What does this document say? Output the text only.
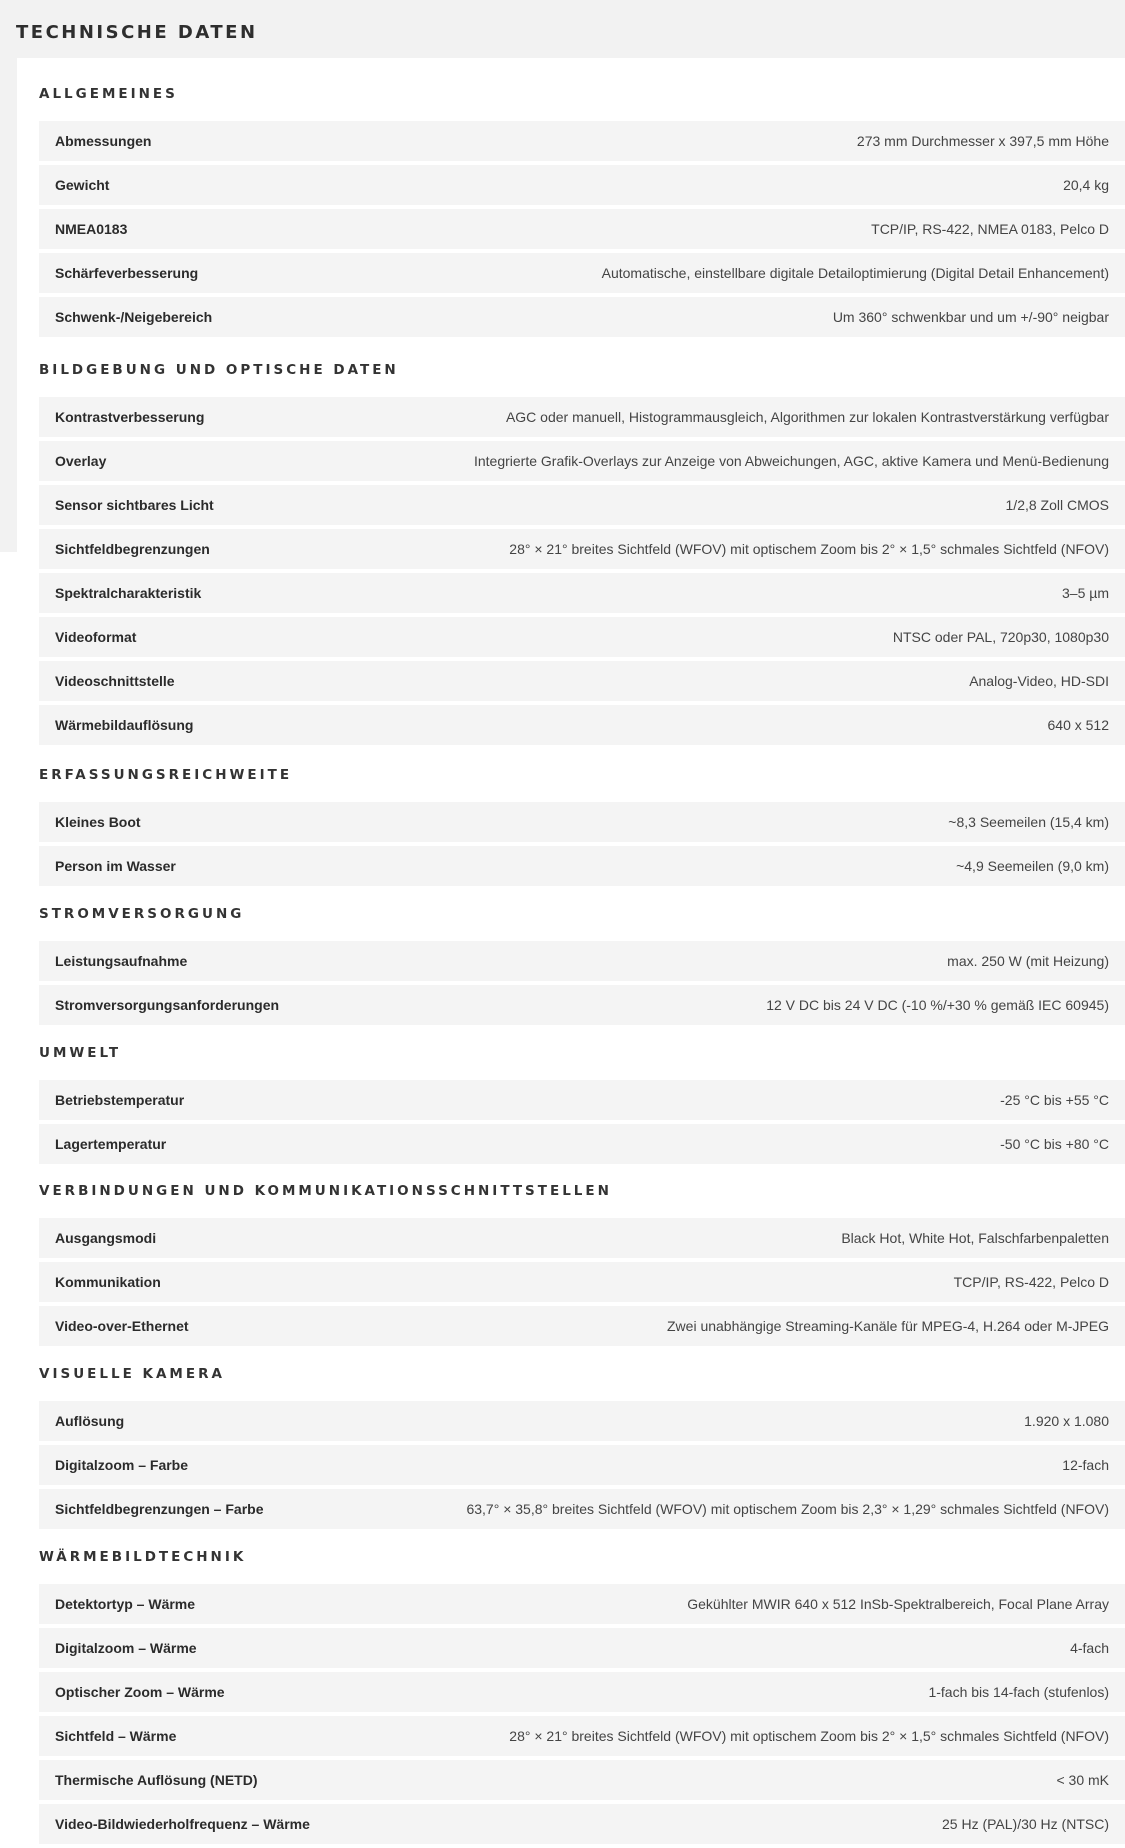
TECHNISCHE DATEN
ALLGEMEINES
Abmessungen	273 mm Durchmesser x 397,5 mm Höhe
Gewicht	20,4 kg
NMEA0183	TCP/IP, RS-422, NMEA 0183, Pelco D
Schärfeverbesserung	Automatische, einstellbare digitale Detailoptimierung (Digital Detail Enhancement)
Schwenk-/Neigebereich	Um 360° schwenkbar und um +/-90° neigbar
BILDGEBUNG UND OPTISCHE DATEN
Kontrastverbesserung	AGC oder manuell, Histogrammausgleich, Algorithmen zur lokalen Kontrastverstärkung verfügbar
Overlay	Integrierte Grafik-Overlays zur Anzeige von Abweichungen, AGC, aktive Kamera und Menü-Bedienung
Sensor sichtbares Licht	1/2,8 Zoll CMOS
Sichtfeldbegrenzungen	28° × 21° breites Sichtfeld (WFOV) mit optischem Zoom bis 2° × 1,5° schmales Sichtfeld (NFOV)
Spektralcharakteristik	3–5 µm
Videoformat	NTSC oder PAL, 720p30, 1080p30
Videoschnittstelle	Analog-Video, HD-SDI
Wärmebildauflösung	640 x 512
ERFASSUNGSREICHWEITE
Kleines Boot	~8,3 Seemeilen (15,4 km)
Person im Wasser	~4,9 Seemeilen (9,0 km)
STROMVERSORGUNG
Leistungsaufnahme	max. 250 W (mit Heizung)
Stromversorgungsanforderungen	12 V DC bis 24 V DC (-10 %/+30 % gemäß IEC 60945)
UMWELT
Betriebstemperatur	-25 °C bis +55 °C
Lagertemperatur	-50 °C bis +80 °C
VERBINDUNGEN UND KOMMUNIKATIONSSCHNITTSTELLEN
Ausgangsmodi	Black Hot, White Hot, Falschfarbenpaletten
Kommunikation	TCP/IP, RS-422, Pelco D
Video-over-Ethernet	Zwei unabhängige Streaming-Kanäle für MPEG-4, H.264 oder M-JPEG
VISUELLE KAMERA
Auflösung	1.920 x 1.080
Digitalzoom – Farbe	12-fach
Sichtfeldbegrenzungen – Farbe	63,7° × 35,8° breites Sichtfeld (WFOV) mit optischem Zoom bis 2,3° × 1,29° schmales Sichtfeld (NFOV)
WÄRMEBILDTECHNIK
Detektortyp – Wärme	Gekühlter MWIR 640 x 512 InSb-Spektralbereich, Focal Plane Array
Digitalzoom – Wärme	4-fach
Optischer Zoom – Wärme	1-fach bis 14-fach (stufenlos)
Sichtfeld – Wärme	28° × 21° breites Sichtfeld (WFOV) mit optischem Zoom bis 2° × 1,5° schmales Sichtfeld (NFOV)
Thermische Auflösung (NETD)	< 30 mK
Video-Bildwiederholfrequenz – Wärme	25 Hz (PAL)/30 Hz (NTSC)
